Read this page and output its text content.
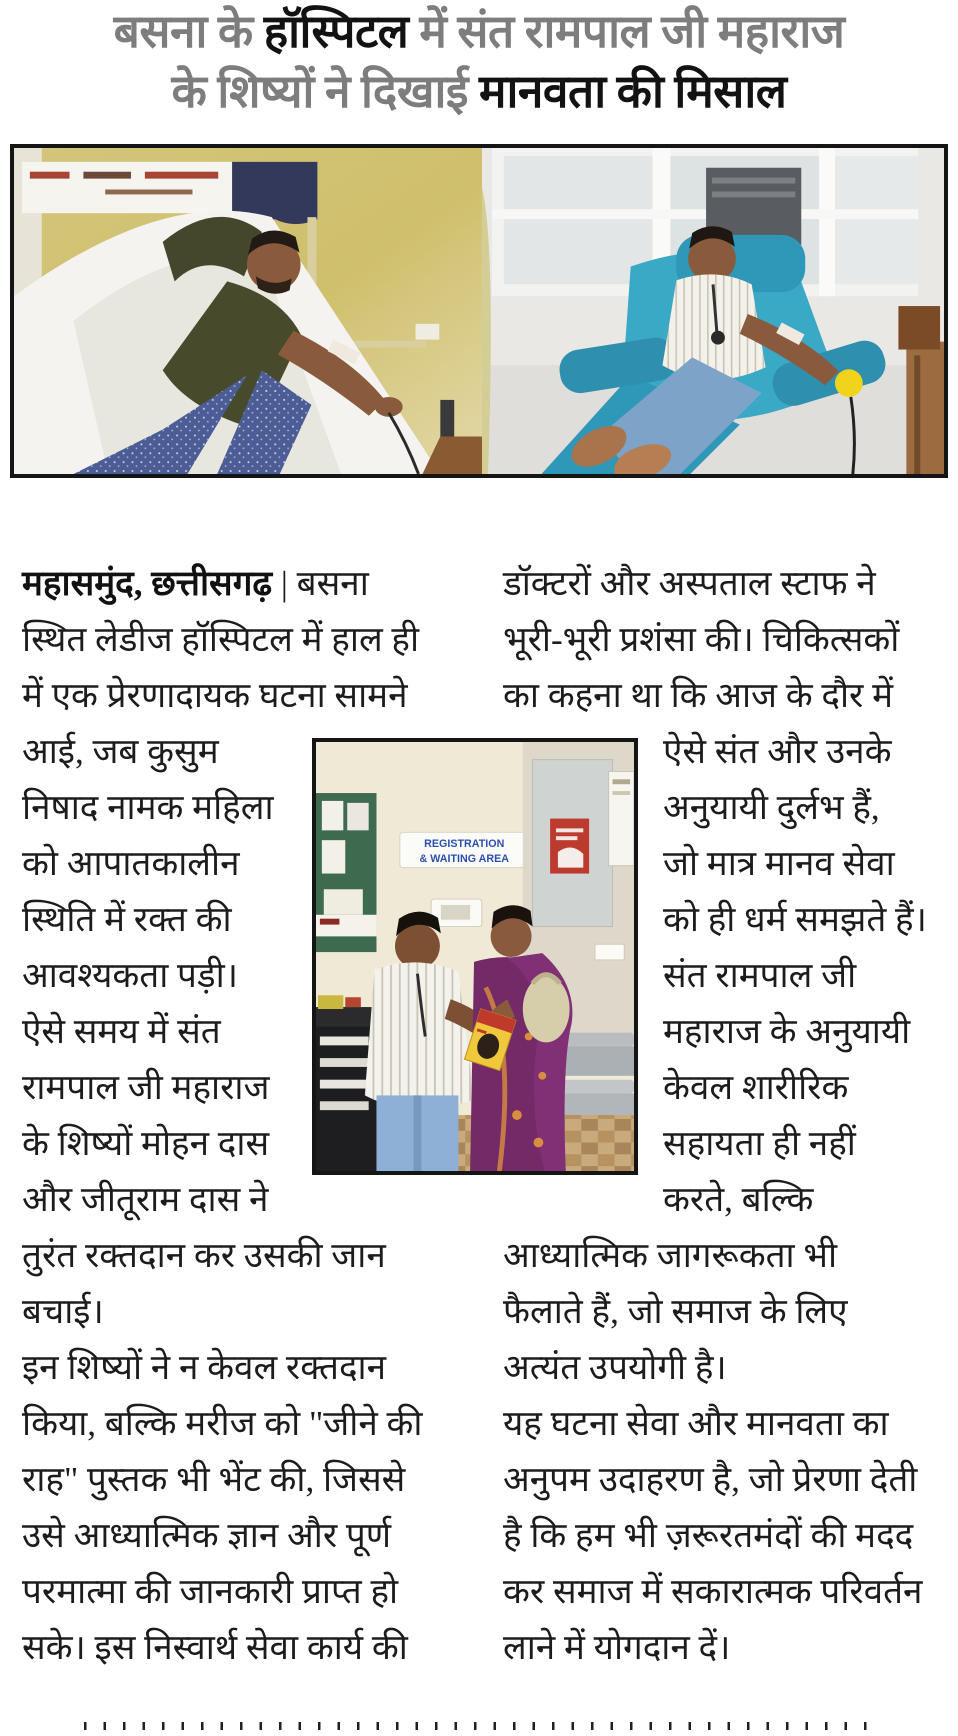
बसना के हॉस्पिटल में संत रामपाल जी महाराज
के शिष्यों ने दिखाई मानवता की मिसाल
REGISTRATION
& WAITING AREA
महासमुंद, छत्तीसगढ़ | बसना
स्थित लेडीज हॉस्पिटल में हाल ही
में एक प्रेरणादायक घटना सामने
आई, जब कुसुम
निषाद नामक महिला
को आपातकालीन
स्थिति में रक्त की
आवश्यकता पड़ी।
ऐसे समय में संत
रामपाल जी महाराज
के शिष्यों मोहन दास
और जीतूराम दास ने
तुरंत रक्तदान कर उसकी जान
बचाई।
इन शिष्यों ने न केवल रक्तदान
किया, बल्कि मरीज को "जीने की
राह" पुस्तक भी भेंट की, जिससे
उसे आध्यात्मिक ज्ञान और पूर्ण
परमात्मा की जानकारी प्राप्त हो
सके। इस निस्वार्थ सेवा कार्य की
डॉक्टरों और अस्पताल स्टाफ ने
भूरी-भूरी प्रशंसा की। चिकित्सकों
का कहना था कि आज के दौर में
ऐसे संत और उनके
अनुयायी दुर्लभ हैं,
जो मात्र मानव सेवा
को ही धर्म समझते हैं।
संत रामपाल जी
महाराज के अनुयायी
केवल शारीरिक
सहायता ही नहीं
करते, बल्कि
आध्यात्मिक जागरूकता भी
फैलाते हैं, जो समाज के लिए
अत्यंत उपयोगी है।
यह घटना सेवा और मानवता का
अनुपम उदाहरण है, जो प्रेरणा देती
है कि हम भी ज़रूरतमंदों की मदद
कर समाज में सकारात्मक परिवर्तन
लाने में योगदान दें।
